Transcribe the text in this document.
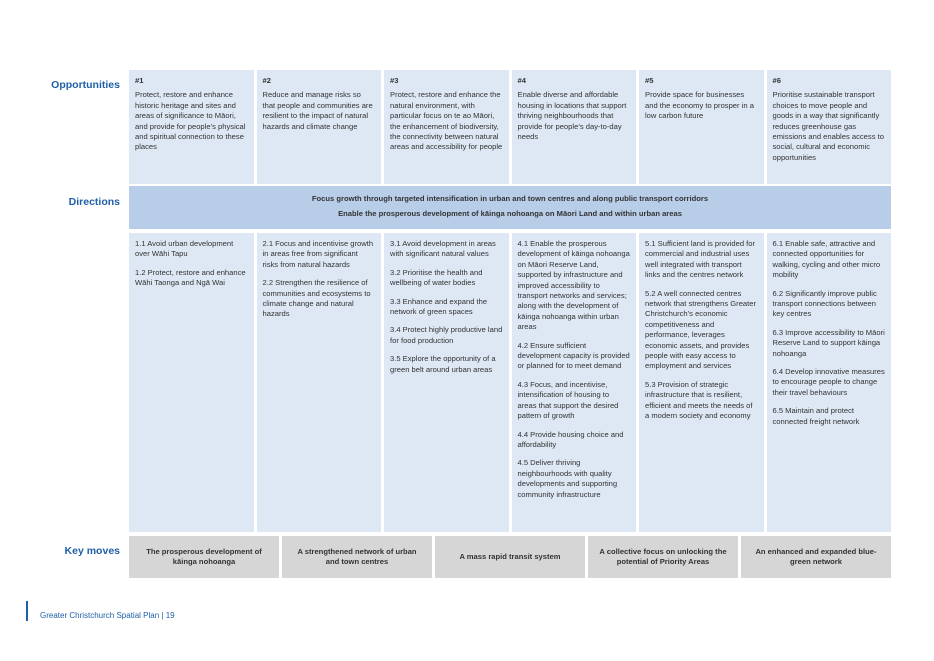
Opportunities
Directions
Key moves
#1
Protect, restore and enhance historic heritage and sites and areas of significance to Māori, and provide for people’s physical and spiritual connection to these places
#2
Reduce and manage risks so that people and communities are resilient to the impact of natural hazards and climate change
#3
Protect, restore and enhance the natural environment, with particular focus on te ao Māori, the enhancement of biodiversity, the connectivity between natural areas and accessibility for people
#4
Enable diverse and affordable housing in locations that support thriving neighbourhoods that provide for people’s day-to-day needs
#5
Provide space for businesses and the economy to prosper in a low carbon future
#6
Prioritise sustainable transport choices to move people and goods in a way that significantly reduces greenhouse gas emissions and enables access to social, cultural and economic opportunities
Focus growth through targeted intensification in urban and town centres and along public transport corridors
Enable the prosperous development of kāinga nohoanga on Māori Land and within urban areas
1.1 Avoid urban development over Wāhi Tapu
1.2 Protect, restore and enhance Wāhi Taonga and Ngā Wai
2.1 Focus and incentivise growth in areas free from significant risks from natural hazards
2.2 Strengthen the resilience of communities and ecosystems to climate change and natural hazards
3.1 Avoid development in areas with significant natural values
3.2 Prioritise the health and wellbeing of water bodies
3.3 Enhance and expand the network of green spaces
3.4 Protect highly productive land for food production
3.5 Explore the opportunity of a green belt around urban areas
4.1 Enable the prosperous development of kāinga nohoanga on Māori Reserve Land, supported by infrastructure and improved accessibility to transport networks and services; along with the development of kāinga nohoanga within urban areas
4.2 Ensure sufficient development capacity is provided or planned for to meet demand
4.3 Focus, and incentivise, intensification of housing to areas that support the desired pattern of growth
4.4 Provide housing choice and affordability
4.5 Deliver thriving neighbourhoods with quality developments and supporting community infrastructure
5.1 Sufficient land is provided for commercial and industrial uses well integrated with transport links and the centres network
5.2 A well connected centres network that strengthens Greater Christchurch’s economic competitiveness and performance, leverages economic assets, and provides people with easy access to employment and services
5.3 Provision of strategic infrastructure that is resilient, efficient and meets the needs of a modern society and economy
6.1 Enable safe, attractive and connected opportunities for walking, cycling and other micro mobility
6.2 Significantly improve public transport connections between key centres
6.3 Improve accessibility to Māori Reserve Land to support kāinga nohoanga
6.4 Develop innovative measures to encourage people to change their travel behaviours
6.5 Maintain and protect connected freight network
The prosperous development of kāinga nohoanga
A strengthened network of urban and town centres
A mass rapid transit system
A collective focus on unlocking the potential of Priority Areas
An enhanced and expanded blue-green network
Greater Christchurch Spatial Plan | 19
